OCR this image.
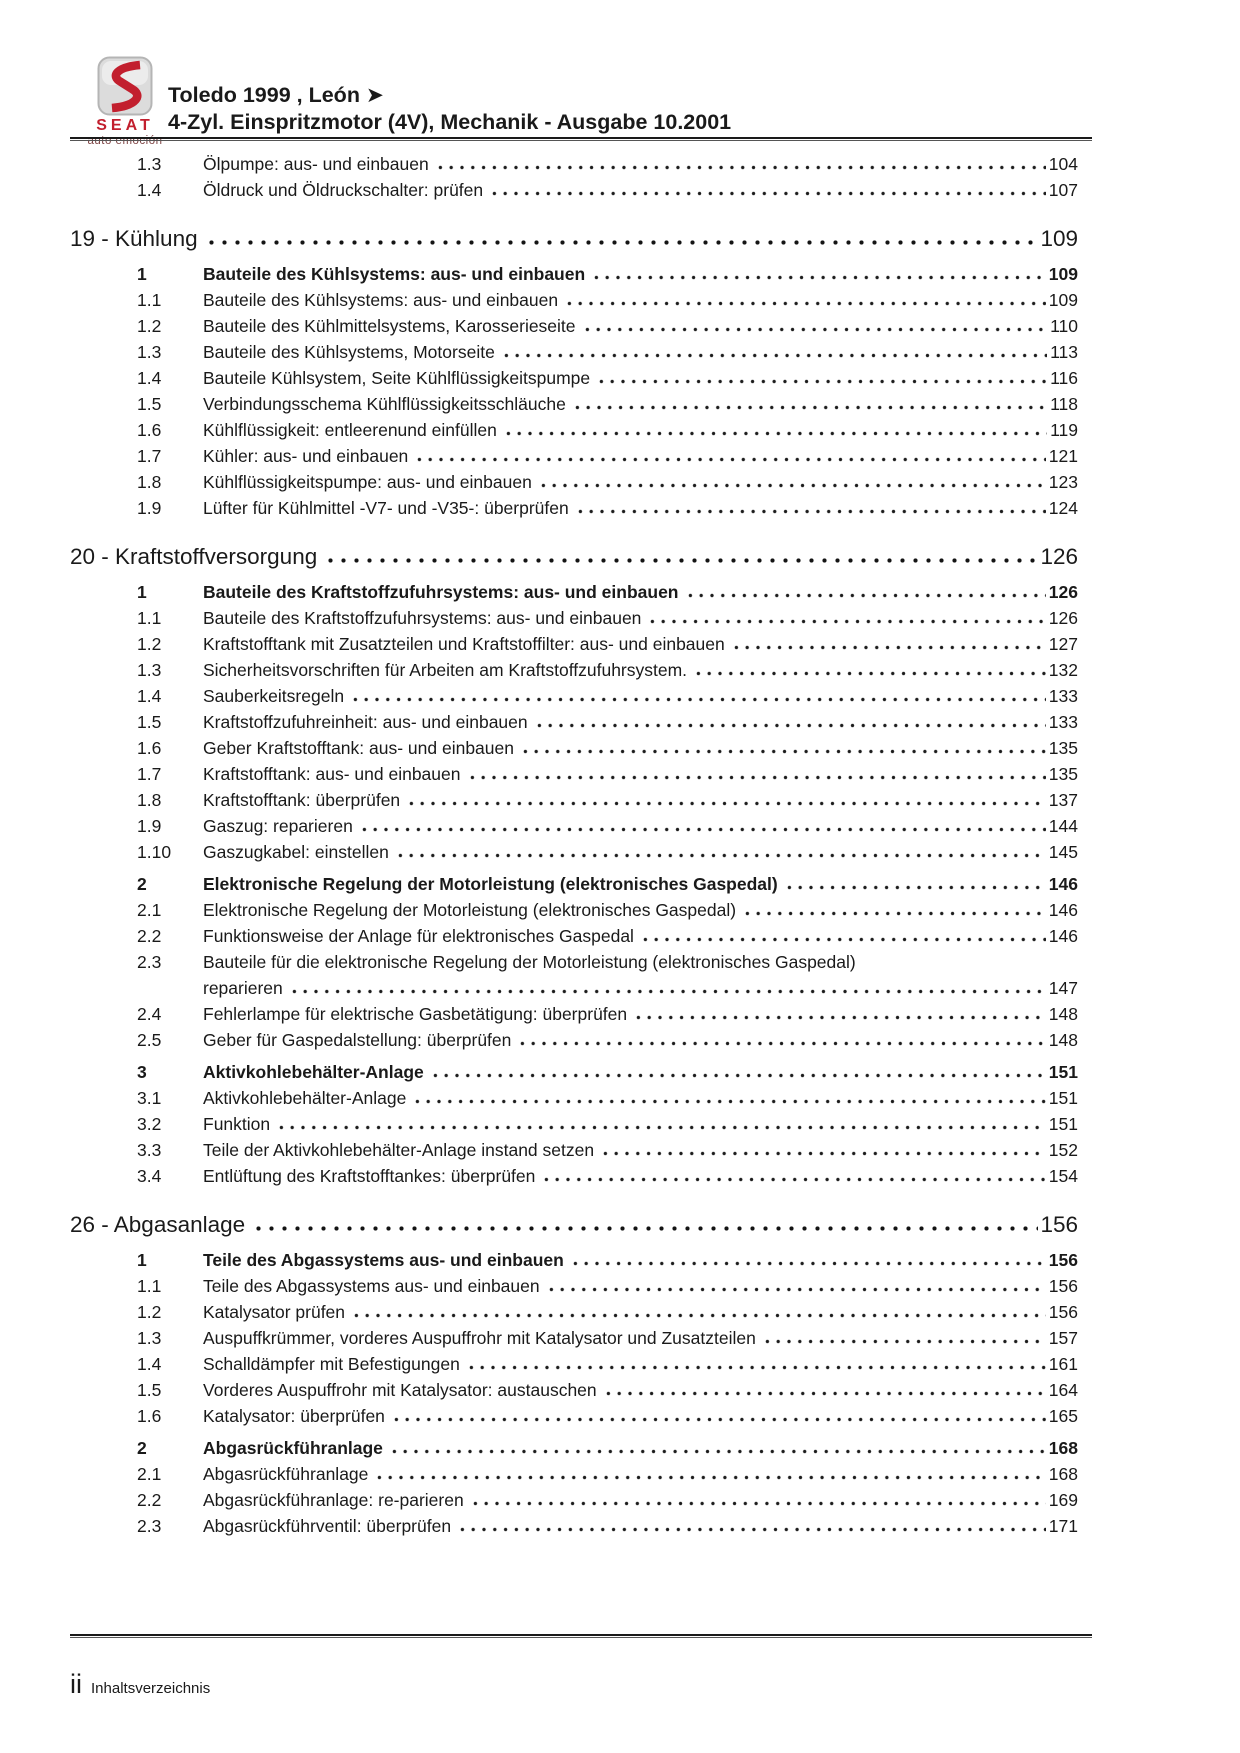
SEAT
auto emoción
Toledo 1999 , León ➤
4-Zyl. Einspritzmotor (4V), Mechanik - Ausgabe 10.2001
1.3	Ölpumpe: aus- und einbauen	104
1.4	Öldruck und Öldruckschalter: prüfen	107
19 - Kühlung	109
1	Bauteile des Kühlsystems: aus- und einbauen	109
1.1	Bauteile des Kühlsystems: aus- und einbauen	109
1.2	Bauteile des Kühlmittelsystems, Karosserieseite	110
1.3	Bauteile des Kühlsystems, Motorseite	113
1.4	Bauteile Kühlsystem, Seite Kühlflüssigkeitspumpe	116
1.5	Verbindungsschema Kühlflüssigkeitsschläuche	118
1.6	Kühlflüssigkeit: entleerenund einfüllen	119
1.7	Kühler: aus- und einbauen	121
1.8	Kühlflüssigkeitspumpe: aus- und einbauen	123
1.9	Lüfter für Kühlmittel -V7- und -V35-: überprüfen	124
20 - Kraftstoffversorgung	126
1	Bauteile des Kraftstoffzufuhrsystems: aus- und einbauen	126
1.1	Bauteile des Kraftstoffzufuhrsystems: aus- und einbauen	126
1.2	Kraftstofftank mit Zusatzteilen und Kraftstoffilter: aus- und einbauen	127
1.3	Sicherheitsvorschriften für Arbeiten am Kraftstoffzufuhrsystem.	132
1.4	Sauberkeitsregeln	133
1.5	Kraftstoffzufuhreinheit: aus- und einbauen	133
1.6	Geber Kraftstofftank: aus- und einbauen	135
1.7	Kraftstofftank: aus- und einbauen	135
1.8	Kraftstofftank: überprüfen	137
1.9	Gaszug: reparieren	144
1.10	Gaszugkabel: einstellen	145
2	Elektronische Regelung der Motorleistung (elektronisches Gaspedal)	146
2.1	Elektronische Regelung der Motorleistung (elektronisches Gaspedal)	146
2.2	Funktionsweise der Anlage für elektronisches Gaspedal	146
2.3	Bauteile für die elektronische Regelung der Motorleistung (elektronisches Gaspedal)
reparieren	147
2.4	Fehlerlampe für elektrische Gasbetätigung: überprüfen	148
2.5	Geber für Gaspedalstellung: überprüfen	148
3	Aktivkohlebehälter-Anlage	151
3.1	Aktivkohlebehälter-Anlage	151
3.2	Funktion	151
3.3	Teile der Aktivkohlebehälter-Anlage instand setzen	152
3.4	Entlüftung des Kraftstofftankes: überprüfen	154
26 - Abgasanlage	156
1	Teile des Abgassystems aus- und einbauen	156
1.1	Teile des Abgassystems aus- und einbauen	156
1.2	Katalysator prüfen	156
1.3	Auspuffkrümmer, vorderes Auspuffrohr mit Katalysator und Zusatzteilen	157
1.4	Schalldämpfer mit Befestigungen	161
1.5	Vorderes Auspuffrohr mit Katalysator: austauschen	164
1.6	Katalysator: überprüfen	165
2	Abgasrückführanlage	168
2.1	Abgasrückführanlage	168
2.2	Abgasrückführanlage: re-parieren	169
2.3	Abgasrückführventil: überprüfen	171
ii Inhaltsverzeichnis
